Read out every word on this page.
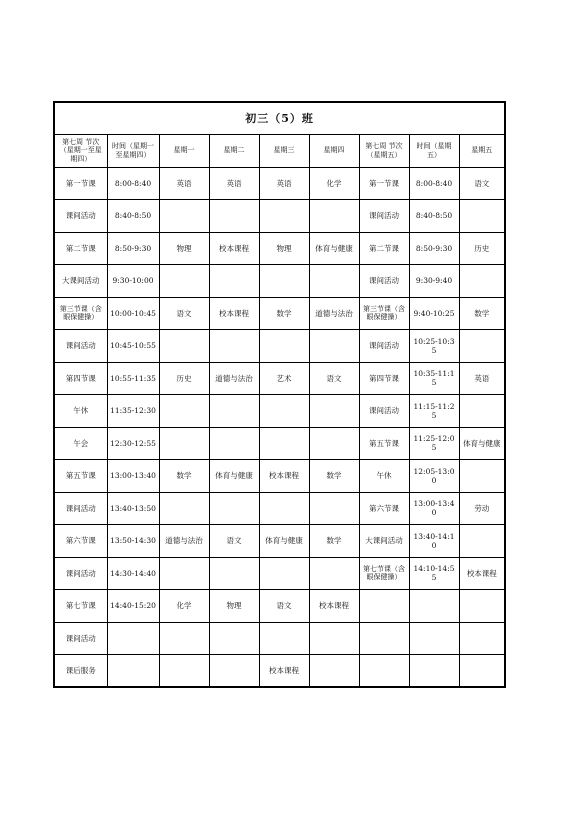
初三（5）班								
第七周 节次（星期一至星期四）	时间（星期一至星期四）	星期一	星期二	星期三	星期四	第七周 节次（星期五）	时间（星期五）	星期五
第一节课	8:00-8:40	英语	英语	英语	化学	第一节课	8:00-8:40	语文
课间活动	8:40-8:50					课间活动	8:40-8:50	
第二节课	8:50-9:30	物理	校本课程	物理	体育与健康	第二节课	8:50-9:30	历史
大课间活动	9:30-10:00					课间活动	9:30-9:40	
第三节课（含眼保健操）	10:00-10:45	语文	校本课程	数学	道德与法治	第三节课（含眼保健操）	9:40-10:25	数学
课间活动	10:45-10:55					课间活动	10:25-10:35	
第四节课	10:55-11:35	历史	道德与法治	艺术	语文	第四节课	10:35-11:15	英语
午休	11:35-12:30					课间活动	11:15-11:25	
午会	12:30-12:55					第五节课	11:25-12:05	体育与健康
第五节课	13:00-13:40	数学	体育与健康	校本课程	数学	午休	12:05-13:00	
课间活动	13:40-13:50					第六节课	13:00-13:40	劳动
第六节课	13:50-14:30	道德与法治	语文	体育与健康	数学	大课间活动	13:40-14:10	
课间活动	14:30-14:40					第七节课（含眼保健操）	14:10-14:55	校本课程
第七节课	14:40-15:20	化学	物理	语文	校本课程			
课间活动								
课后服务				校本课程				
